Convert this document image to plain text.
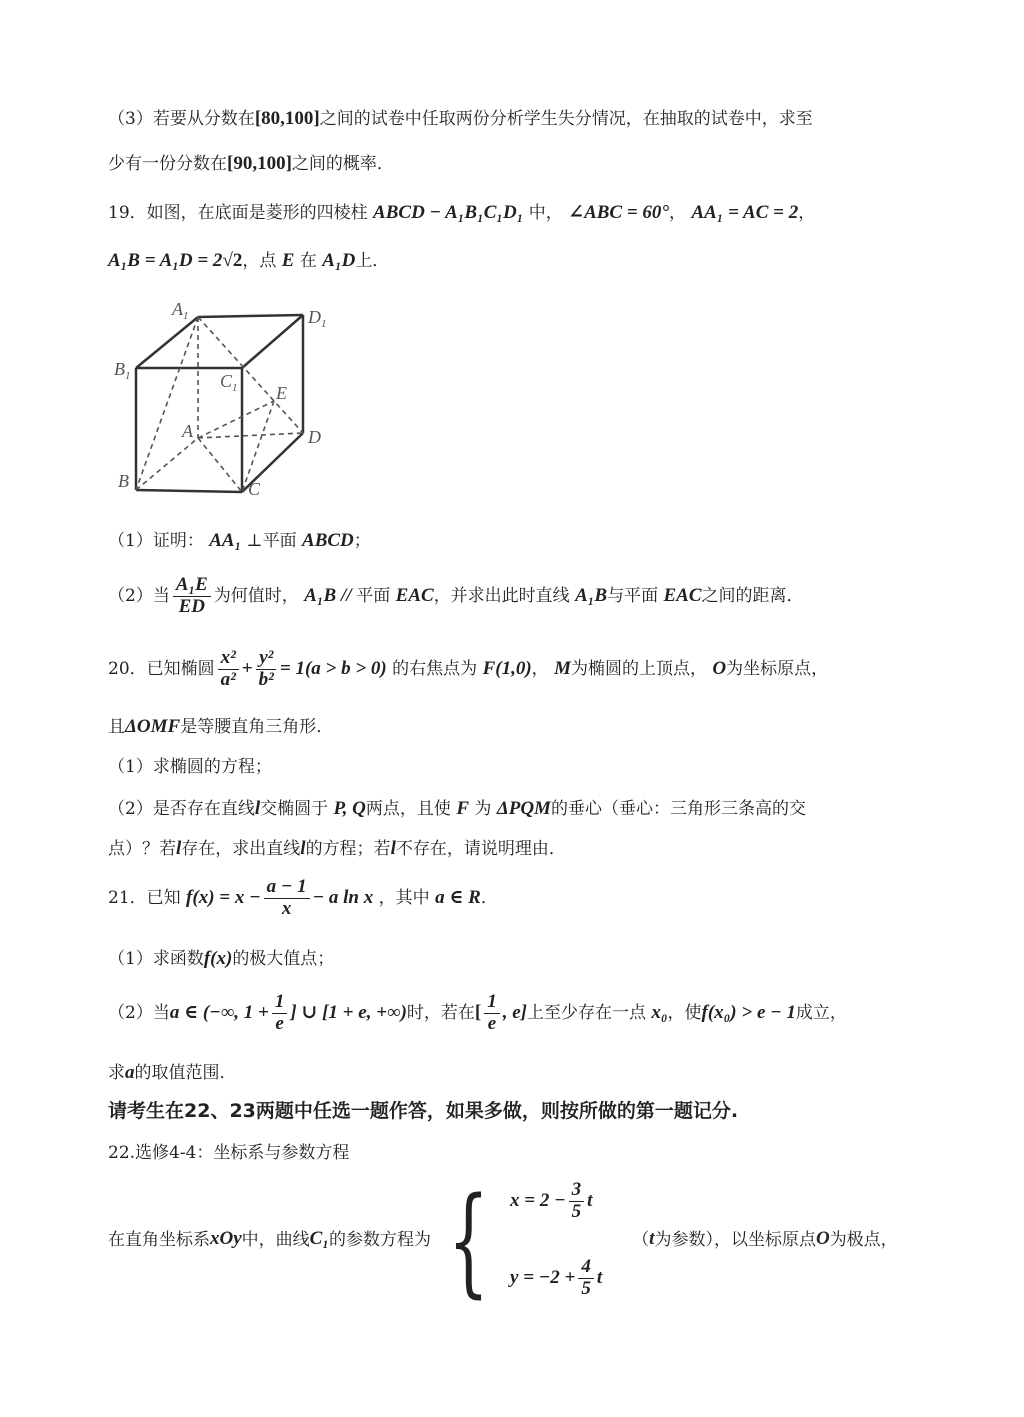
（3）若要从分数在[80,100]之间的试卷中任取两份分析学生失分情况，在抽取的试卷中，求至
少有一份分数在[90,100]之间的概率．
19．如图，在底面是菱形的四棱柱 ABCD − A₁B₁C₁D₁ 中， ∠ABC = 60°， AA₁ = AC = 2，
A₁B = A₁D = 2√2，点 E 在 A₁D上．
$A_1$	$D_1$
$B_1$	$C_1$ E
A	D
B	C
（1）证明： AA₁ ⊥平面 ABCD；
（2）当 $\frac{\text{A₁E}}{ED}$ 为何值时， A₁B // 平面 EAC，并求出此时直线 A₁B与平面 EAC之间的距离．
20．已知椭圆 $\frac{\text{x²}}{\text{a²}} + \frac{\text{y²}}{\text{b²}} = 1(a > b > 0)$ 的右焦点为 F(1,0)， M为椭圆的上顶点， O为坐标原点，
且ΔOMF是等腰直角三角形．
（1）求椭圆的方程；
（2）是否存在直线l交椭圆于 P, Q两点，且使 F 为 ΔPQM的垂心（垂心：三角形三条高的交
点）？若l存在，求出直线l的方程；若l不存在，请说明理由．
21．已知 $f(x) = x - \frac{a - 1}{x} - a$ ln x ，其中 a ∈ R．
（1）求函数f(x)的极大值点；
（2）当a ∈ (−∞, $1 + \frac{1}{e}$ ] ∪ [1 + e, +∞)时，若在[ $\frac{1}{e}$ , e]上至少存在一点 x₀，使f(x₀) > e − 1成立，
求a的取值范围．
请考生在22、23两题中任选一题作答，如果多做，则按所做的第一题记分.
22.选修4-4：坐标系与参数方程
在直角坐标系 xOy 中，曲线 C₁ 的参数方程为 { $x = 2 - \frac{3}{5}$ t
$y = -2 + \frac{4}{5}$ t
（ t 为参数），以坐标原点 O 为极点，
